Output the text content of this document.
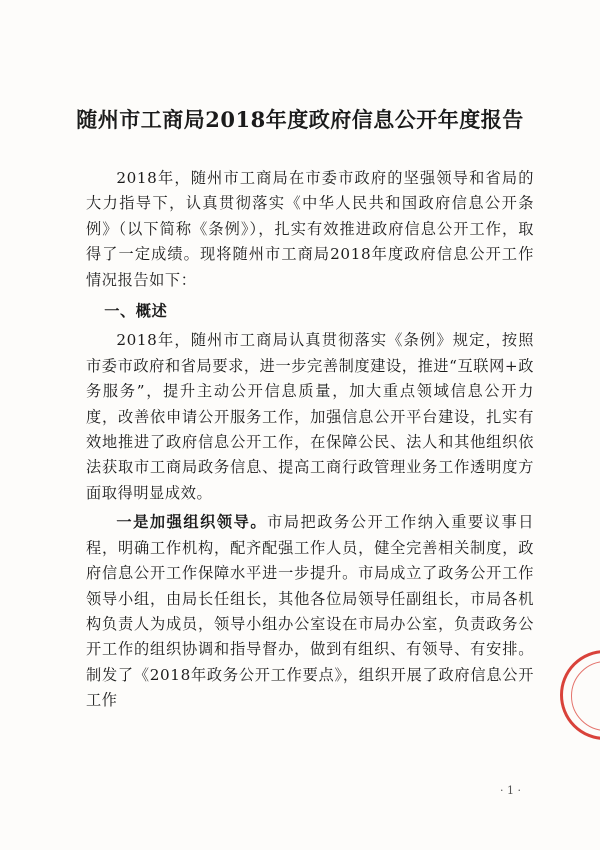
随州市工商局2018年度政府信息公开年度报告

2018年，随州市工商局在市委市政府的坚强领导和省局的大力指导下，认真贯彻落实《中华人民共和国政府信息公开条例》（以下简称《条例》），扎实有效推进政府信息公开工作，取得了一定成绩。现将随州市工商局2018年度政府信息公开工作情况报告如下：

一、概述

2018年，随州市工商局认真贯彻落实《条例》规定，按照市委市政府和省局要求，进一步完善制度建设，推进“互联网+政务服务”，提升主动公开信息质量，加大重点领域信息公开力度，改善依申请公开服务工作，加强信息公开平台建设，扎实有效地推进了政府信息公开工作，在保障公民、法人和其他组织依法获取市工商局政务信息、提高工商行政管理业务工作透明度方面取得明显成效。

一是加强组织领导。市局把政务公开工作纳入重要议事日程，明确工作机构，配齐配强工作人员，健全完善相关制度，政府信息公开工作保障水平进一步提升。市局成立了政务公开工作领导小组，由局长任组长，其他各位局领导任副组长，市局各机构负责人为成员，领导小组办公室设在市局办公室，负责政务公开工作的组织协调和指导督办，做到有组织、有领导、有安排。制发了《2018年政务公开工作要点》，组织开展了政府信息公开工作

· 1 ·
